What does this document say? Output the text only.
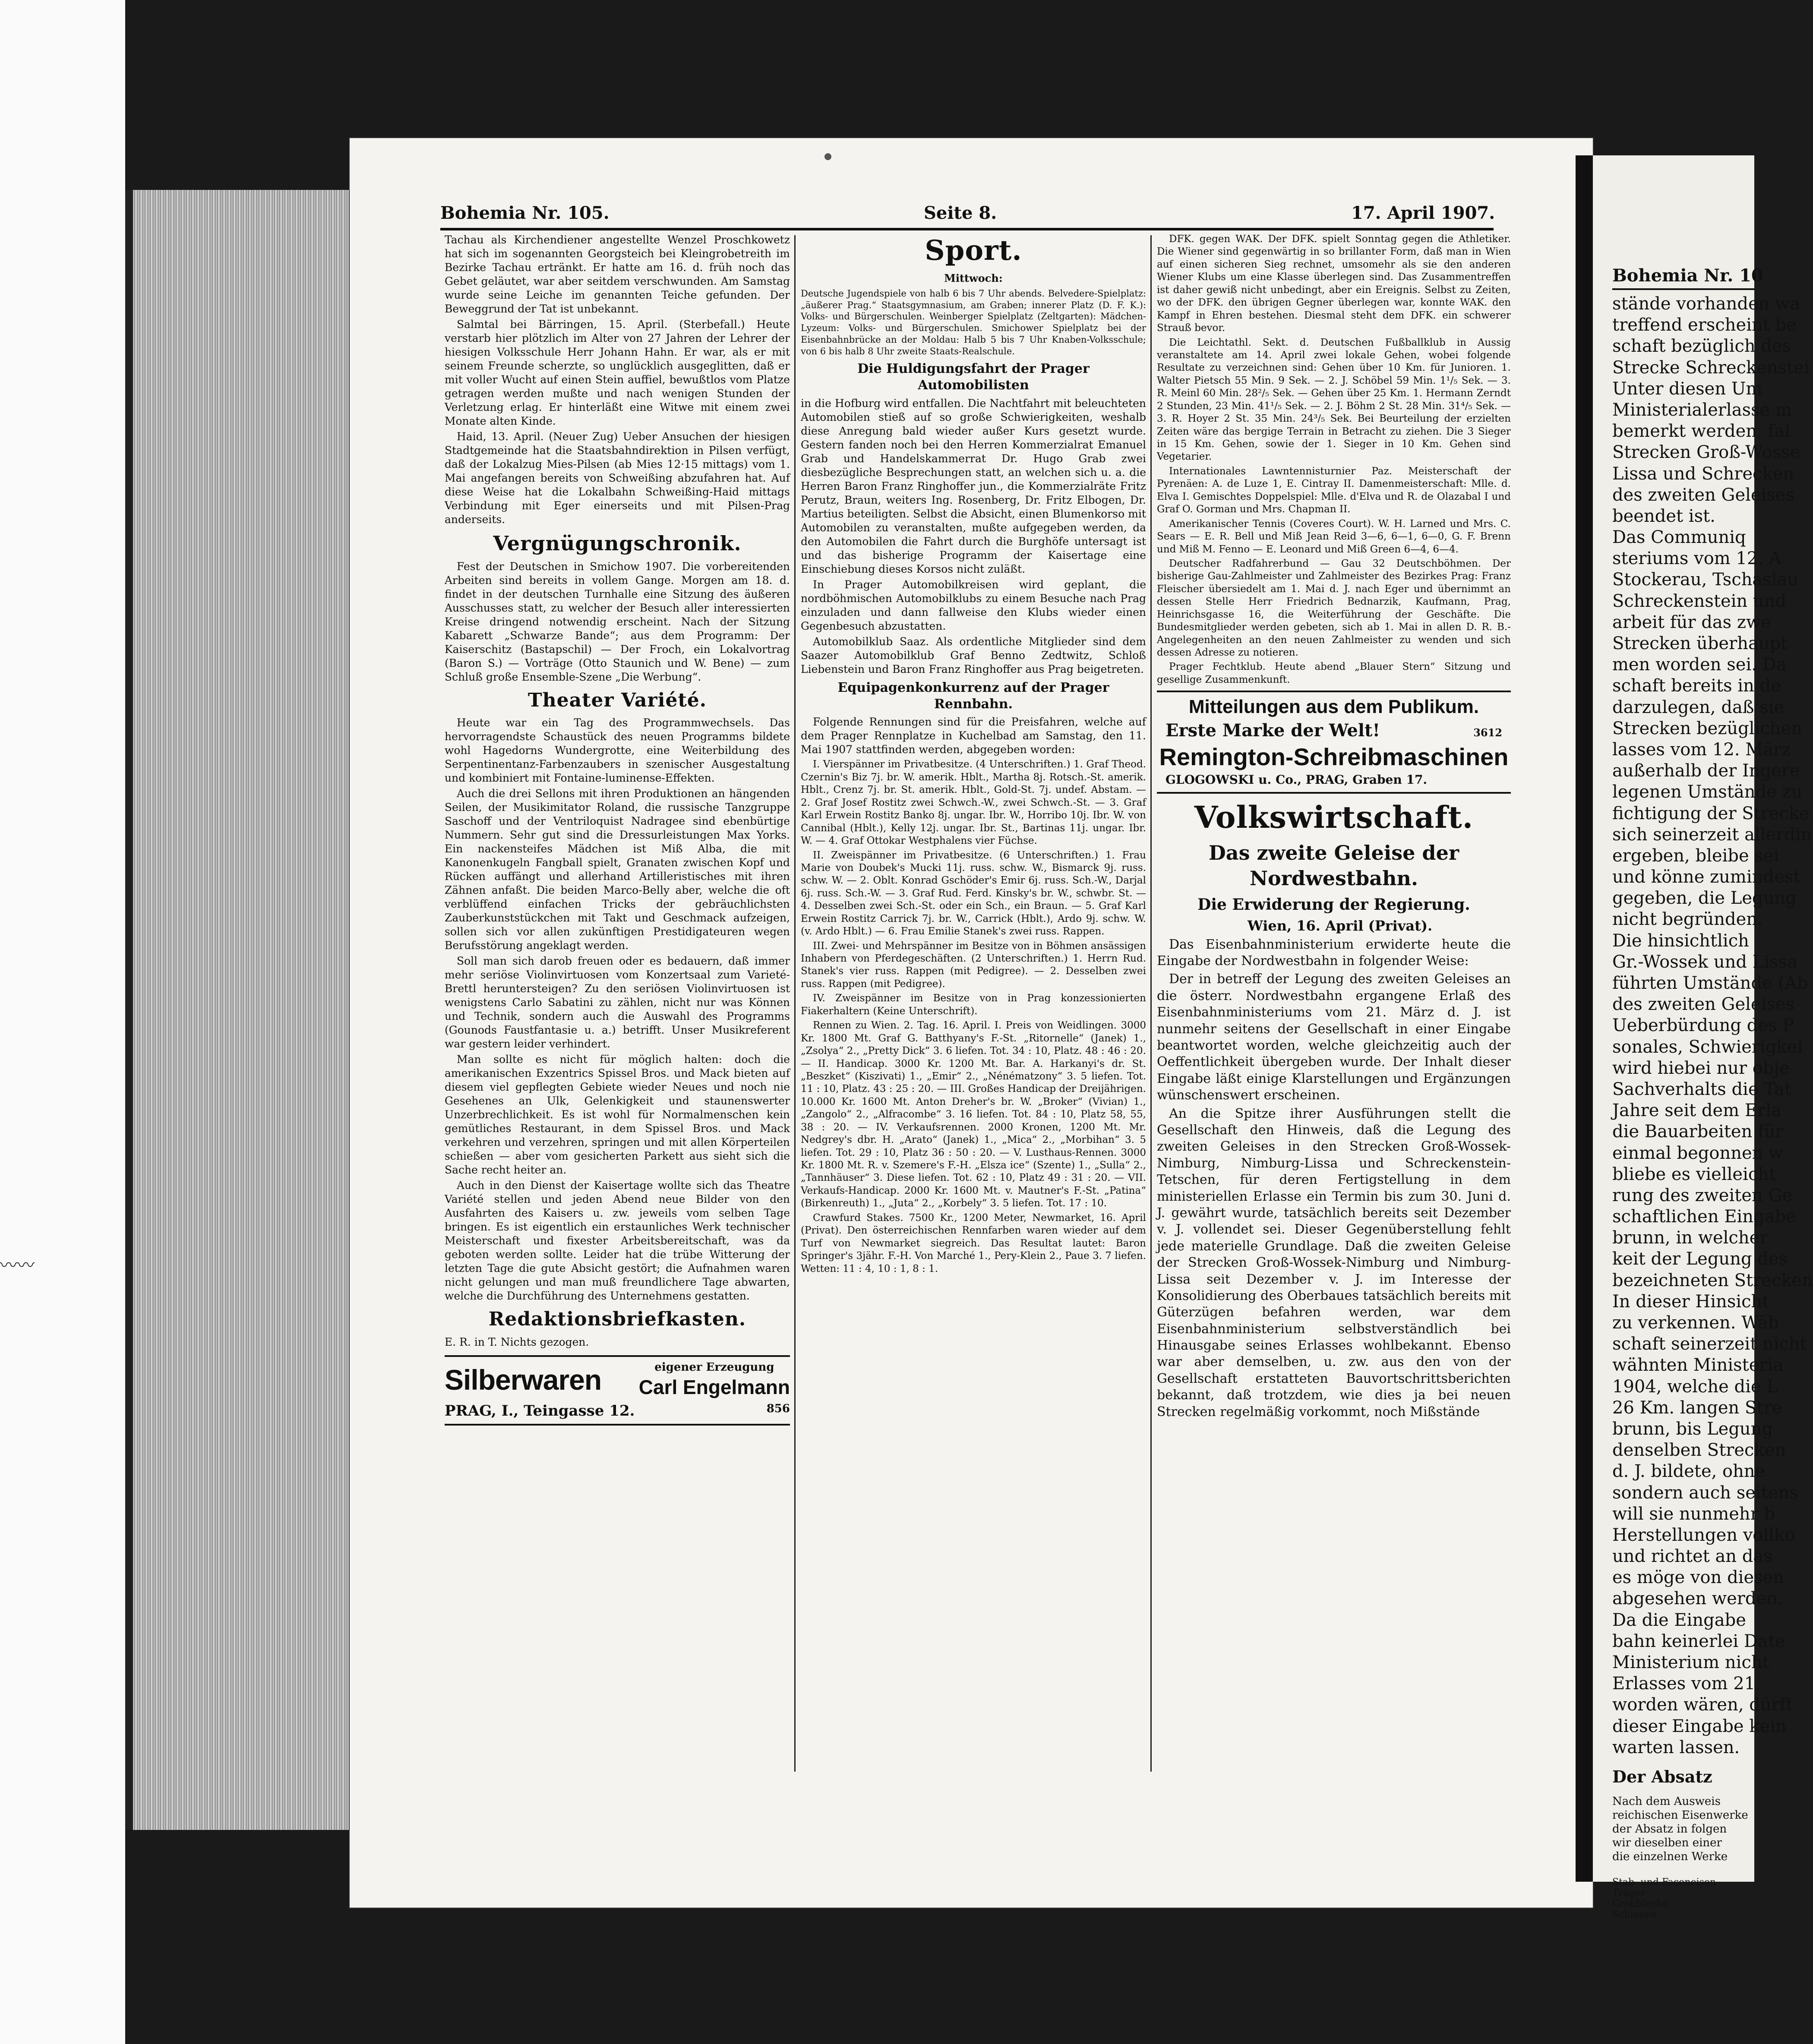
〰〰
Bohemia Nr. 105.	Seite 8.	17. April 1907.

Tachau als Kirchendiener angestellte Wenzel Proschkowetz hat sich im sogenannten Georgsteich bei Kleingrobetreith im Bezirke Tachau ertränkt. Er hatte am 16. d. früh noch das Gebet geläutet, war aber seitdem verschwunden. Am Samstag wurde seine Leiche im genannten Teiche gefunden. Der Beweggrund der Tat ist unbekannt.

Salmtal bei Bärringen, 15. April. (Sterbefall.) Heute verstarb hier plötzlich im Alter von 27 Jahren der Lehrer der hiesigen Volksschule Herr Johann Hahn. Er war, als er mit seinem Freunde scherzte, so unglücklich ausgeglitten, daß er mit voller Wucht auf einen Stein auffiel, bewußtlos vom Platze getragen werden mußte und nach wenigen Stunden der Verletzung erlag. Er hinterläßt eine Witwe mit einem zwei Monate alten Kinde.

Haid, 13. April. (Neuer Zug) Ueber Ansuchen der hiesigen Stadtgemeinde hat die Staatsbahndirektion in Pilsen verfügt, daß der Lokalzug Mies-Pilsen (ab Mies 12·15 mittags) vom 1. Mai angefangen bereits von Schweißing abzufahren hat. Auf diese Weise hat die Lokalbahn Schweißing-Haid mittags Verbindung mit Eger einerseits und mit Pilsen-Prag anderseits.

Vergnügungschronik.

Fest der Deutschen in Smichow 1907. Die vorbereitenden Arbeiten sind bereits in vollem Gange. Morgen am 18. d. findet in der deutschen Turnhalle eine Sitzung des äußeren Ausschusses statt, zu welcher der Besuch aller interessierten Kreise dringend notwendig erscheint. Nach der Sitzung Kabarett „Schwarze Bande“; aus dem Programm: Der Kaiserschitz (Bastapschil) — Der Froch, ein Lokalvortrag (Baron S.) — Vorträge (Otto Staunich und W. Bene) — zum Schluß große Ensemble-Szene „Die Werbung“.

Theater Variété.

Heute war ein Tag des Programmwechsels. Das hervorragendste Schaustück des neuen Programms bildete wohl Hagedorns Wundergrotte, eine Weiterbildung des Serpentinentanz-Farbenzaubers in szenischer Ausgestaltung und kombiniert mit Fontaine-luminense-Effekten.

Auch die drei Sellons mit ihren Produktionen an hängenden Seilen, der Musikimitator Roland, die russische Tanzgruppe Saschoff und der Ventriloquist Nadragee sind ebenbürtige Nummern. Sehr gut sind die Dressurleistungen Max Yorks. Ein nackensteifes Mädchen ist Miß Alba, die mit Kanonenkugeln Fangball spielt, Granaten zwischen Kopf und Rücken auffängt und allerhand Artilleristisches mit ihren Zähnen anfaßt. Die beiden Marco-Belly aber, welche die oft verblüffend einfachen Tricks der gebräuchlichsten Zauberkunststückchen mit Takt und Geschmack aufzeigen, sollen sich vor allen zukünftigen Prestidigateuren wegen Berufsstörung angeklagt werden.

Soll man sich darob freuen oder es bedauern, daß immer mehr seriöse Violinvirtuosen vom Konzertsaal zum Varieté-Brettl heruntersteigen? Zu den seriösen Violinvirtuosen ist wenigstens Carlo Sabatini zu zählen, nicht nur was Können und Technik, sondern auch die Auswahl des Programms (Gounods Faustfantasie u. a.) betrifft. Unser Musikreferent war gestern leider verhindert.

Man sollte es nicht für möglich halten: doch die amerikanischen Exzentrics Spissel Bros. und Mack bieten auf diesem viel gepflegten Gebiete wieder Neues und noch nie Gesehenes an Ulk, Gelenkigkeit und staunenswerter Unzerbrechlichkeit. Es ist wohl für Normalmenschen kein gemütliches Restaurant, in dem Spissel Bros. und Mack verkehren und verzehren, springen und mit allen Körperteilen schießen — aber vom gesicherten Parkett aus sieht sich die Sache recht heiter an.

Auch in den Dienst der Kaisertage wollte sich das Theatre Variété stellen und jeden Abend neue Bilder von den Ausfahrten des Kaisers u. zw. jeweils vom selben Tage bringen. Es ist eigentlich ein erstaunliches Werk technischer Meisterschaft und fixester Arbeitsbereitschaft, was da geboten werden sollte. Leider hat die trübe Witterung der letzten Tage die gute Absicht gestört; die Aufnahmen waren nicht gelungen und man muß freundlichere Tage abwarten, welche die Durchführung des Unternehmens gestatten.

Redaktionsbriefkasten.

E. R. in T. Nichts gezogen.

Silberwaren	eigener Erzeugung
Carl Engelmann
PRAG, I., Teingasse 12.	856
Sport.
Mittwoch:

Deutsche Jugendspiele von halb 6 bis 7 Uhr abends. Belvedere-Spielplatz: „äußerer Prag.“ Staatsgymnasium, am Graben; innerer Platz (D. F. K.): Volks- und Bürgerschulen. Weinberger Spielplatz (Zeltgarten): Mädchen-Lyzeum: Volks- und Bürgerschulen. Smichower Spielplatz bei der Eisenbahnbrücke an der Moldau: Halb 5 bis 7 Uhr Knaben-Volksschule; von 6 bis halb 8 Uhr zweite Staats-Realschule.

Die Huldigungsfahrt der Prager Automobilisten

in die Hofburg wird entfallen. Die Nachtfahrt mit beleuchteten Automobilen stieß auf so große Schwierigkeiten, weshalb diese Anregung bald wieder außer Kurs gesetzt wurde. Gestern fanden noch bei den Herren Kommerzialrat Emanuel Grab und Handelskammerrat Dr. Hugo Grab zwei diesbezügliche Besprechungen statt, an welchen sich u. a. die Herren Baron Franz Ringhoffer jun., die Kommerzialräte Fritz Perutz, Braun, weiters Ing. Rosenberg, Dr. Fritz Elbogen, Dr. Martius beteiligten. Selbst die Absicht, einen Blumenkorso mit Automobilen zu veranstalten, mußte aufgegeben werden, da den Automobilen die Fahrt durch die Burghöfe untersagt ist und das bisherige Programm der Kaisertage eine Einschiebung dieses Korsos nicht zuläßt.

In Prager Automobilkreisen wird geplant, die nordböhmischen Automobilklubs zu einem Besuche nach Prag einzuladen und dann fallweise den Klubs wieder einen Gegenbesuch abzustatten.

Automobilklub Saaz. Als ordentliche Mitglieder sind dem Saazer Automobilklub Graf Benno Zedtwitz, Schloß Liebenstein und Baron Franz Ringhoffer aus Prag beigetreten.

Equipagenkonkurrenz auf der Prager Rennbahn.

Folgende Rennungen sind für die Preisfahren, welche auf dem Prager Rennplatze in Kuchelbad am Samstag, den 11. Mai 1907 stattfinden werden, abgegeben worden:

I. Vierspänner im Privatbesitze. (4 Unterschriften.) 1. Graf Theod. Czernin's Biz 7j. br. W. amerik. Hblt., Martha 8j. Rotsch.-St. amerik. Hblt., Crenz 7j. br. St. amerik. Hblt., Gold-St. 7j. undef. Abstam. — 2. Graf Josef Rostitz zwei Schwch.-W., zwei Schwch.-St. — 3. Graf Karl Erwein Rostitz Banko 8j. ungar. Ibr. W., Horribo 10j. Ibr. W. von Cannibal (Hblt.), Kelly 12j. ungar. Ibr. St., Bartinas 11j. ungar. Ibr. W. — 4. Graf Ottokar Westphalens vier Füchse.

II. Zweispänner im Privatbesitze. (6 Unterschriften.) 1. Frau Marie von Doubek's Mucki 11j. russ. schw. W., Bismarck 9j. russ. schw. W. — 2. Oblt. Konrad Gschöder's Emir 6j. russ. Sch.-W., Darjal 6j. russ. Sch.-W. — 3. Graf Rud. Ferd. Kinsky's br. W., schwbr. St. — 4. Desselben zwei Sch.-St. oder ein Sch., ein Braun. — 5. Graf Karl Erwein Rostitz Carrick 7j. br. W., Carrick (Hblt.), Ardo 9j. schw. W. (v. Ardo Hblt.) — 6. Frau Emilie Stanek's zwei russ. Rappen.

III. Zwei- und Mehrspänner im Besitze von in Böhmen ansässigen Inhabern von Pferdegeschäften. (2 Unterschriften.) 1. Herrn Rud. Stanek's vier russ. Rappen (mit Pedigree). — 2. Desselben zwei russ. Rappen (mit Pedigree).

IV. Zweispänner im Besitze von in Prag konzessionierten Fiakerhaltern (Keine Unterschrift).

Rennen zu Wien. 2. Tag. 16. April. I. Preis von Weidlingen. 3000 Kr. 1800 Mt. Graf G. Batthyany's F.-St. „Ritornelle“ (Janek) 1., „Zsolya“ 2., „Pretty Dick“ 3. 6 liefen. Tot. 34 : 10, Platz. 48 : 46 : 20. — II. Handicap. 3000 Kr. 1200 Mt. Bar. A. Harkanyi's dr. St. „Beszket“ (Kiszivati) 1., „Emir“ 2., „Nénématzony“ 3. 5 liefen. Tot. 11 : 10, Platz. 43 : 25 : 20. — III. Großes Handicap der Dreijährigen. 10.000 Kr. 1600 Mt. Anton Dreher's br. W. „Broker“ (Vivian) 1., „Zangolo“ 2., „Alfracombe“ 3. 16 liefen. Tot. 84 : 10, Platz 58, 55, 38 : 20. — IV. Verkaufsrennen. 2000 Kronen, 1200 Mt. Mr. Nedgrey's dbr. H. „Arato“ (Janek) 1., „Mica“ 2., „Morbihan“ 3. 5 liefen. Tot. 29 : 10, Platz 36 : 50 : 20. — V. Lusthaus-Rennen. 3000 Kr. 1800 Mt. R. v. Szemere's F.-H. „Elsza ice“ (Szente) 1., „Sulla“ 2., „Tannhäuser“ 3. Diese liefen. Tot. 62 : 10, Platz 49 : 31 : 20. — VII. Verkaufs-Handicap. 2000 Kr. 1600 Mt. v. Mautner's F.-St. „Patina“ (Birkenreuth) 1., „Juta“ 2., „Korbely“ 3. 5 liefen. Tot. 17 : 10.

Crawfurd Stakes. 7500 Kr., 1200 Meter, Newmarket, 16. April (Privat). Den österreichischen Rennfarben waren wieder auf dem Turf von Newmarket siegreich. Das Resultat lautet: Baron Springer's 3jähr. F.-H. Von Marché 1., Pery-Klein 2., Paue 3. 7 liefen. Wetten: 11 : 4, 10 : 1, 8 : 1.

DFK. gegen WAK. Der DFK. spielt Sonntag gegen die Athletiker. Die Wiener sind gegenwärtig in so brillanter Form, daß man in Wien auf einen sicheren Sieg rechnet, umsomehr als sie den anderen Wiener Klubs um eine Klasse überlegen sind. Das Zusammentreffen ist daher gewiß nicht unbedingt, aber ein Ereignis. Selbst zu Zeiten, wo der DFK. den übrigen Gegner überlegen war, konnte WAK. den Kampf in Ehren bestehen. Diesmal steht dem DFK. ein schwerer Strauß bevor.

Die Leichtathl. Sekt. d. Deutschen Fußballklub in Aussig veranstaltete am 14. April zwei lokale Gehen, wobei folgende Resultate zu verzeichnen sind: Gehen über 10 Km. für Junioren. 1. Walter Pietsch 55 Min. 9 Sek. — 2. J. Schöbel 59 Min. 1¹/₅ Sek. — 3. R. Meinl 60 Min. 28²/₅ Sek. — Gehen über 25 Km. 1. Hermann Zerndt 2 Stunden, 23 Min. 41¹/₅ Sek. — 2. J. Böhm 2 St. 28 Min. 31⁴/₅ Sek. — 3. R. Hoyer 2 St. 35 Min. 24³/₅ Sek. Bei Beurteilung der erzielten Zeiten wäre das bergige Terrain in Betracht zu ziehen. Die 3 Sieger in 15 Km. Gehen, sowie der 1. Sieger in 10 Km. Gehen sind Vegetarier.

Internationales Lawntennisturnier Paz. Meisterschaft der Pyrenäen: A. de Luze 1, E. Cintray II. Damenmeisterschaft: Mlle. d. Elva I. Gemischtes Doppelspiel: Mlle. d'Elva und R. de Olazabal I und Graf O. Gorman und Mrs. Chapman II.

Amerikanischer Tennis (Coveres Court). W. H. Larned und Mrs. C. Sears — E. R. Bell und Miß Jean Reid 3—6, 6—1, 6—0, G. F. Brenn und Miß M. Fenno — E. Leonard und Miß Green 6—4, 6—4.

Deutscher Radfahrerbund — Gau 32 Deutschböhmen. Der bisherige Gau-Zahlmeister und Zahlmeister des Bezirkes Prag: Franz Fleischer übersiedelt am 1. Mai d. J. nach Eger und übernimmt an dessen Stelle Herr Friedrich Bednarzik, Kaufmann, Prag, Heinrichsgasse 16, die Weiterführung der Geschäfte. Die Bundesmitglieder werden gebeten, sich ab 1. Mai in allen D. R. B.-Angelegenheiten an den neuen Zahlmeister zu wenden und sich dessen Adresse zu notieren.

Prager Fechtklub. Heute abend „Blauer Stern“ Sitzung und gesellige Zusammenkunft.

Mitteilungen aus dem Publikum.
Erste Marke der Welt!	3612
Remington-Schreibmaschinen
GLOGOWSKI u. Co., PRAG, Graben 17.
Volkswirtschaft.
Das zweite Geleise der Nordwestbahn.
Die Erwiderung der Regierung.

Wien, 16. April (Privat).

Das Eisenbahnministerium erwiderte heute die Eingabe der Nordwestbahn in folgender Weise:

Der in betreff der Legung des zweiten Geleises an die österr. Nordwestbahn ergangene Erlaß des Eisenbahnministeriums vom 21. März d. J. ist nunmehr seitens der Gesellschaft in einer Eingabe beantwortet worden, welche gleichzeitig auch der Oeffentlichkeit übergeben wurde. Der Inhalt dieser Eingabe läßt einige Klarstellungen und Ergänzungen wünschenswert erscheinen.

An die Spitze ihrer Ausführungen stellt die Gesellschaft den Hinweis, daß die Legung des zweiten Geleises in den Strecken Groß-Wossek-Nimburg, Nimburg-Lissa und Schreckenstein-Tetschen, für deren Fertigstellung in dem ministeriellen Erlasse ein Termin bis zum 30. Juni d. J. gewährt wurde, tatsächlich bereits seit Dezember v. J. vollendet sei. Dieser Gegenüberstellung fehlt jede materielle Grundlage. Daß die zweiten Geleise der Strecken Groß-Wossek-Nimburg und Nimburg-Lissa seit Dezember v. J. im Interesse der Konsolidierung des Oberbaues tatsächlich bereits mit Güterzügen befahren werden, war dem Eisenbahnministerium selbstverständlich bei Hinausgabe seines Erlasses wohlbekannt. Ebenso war aber demselben, u. zw. aus den von der Gesellschaft erstatteten Bauvortschrittsberichten bekannt, daß trotzdem, wie dies ja bei neuen Strecken regelmäßig vorkommt, noch Mißstände

Bohemia Nr. 10
stände vorhanden wa
treffend erscheint be
schaft bezüglich des
Strecke Schreckenstei
Unter diesen Um
Ministerialerlasse m
bemerkt werden, fal
Strecken Groß-Wosse
Lissa und Schrecken
des zweiten Geleises
beendet ist.
Das Communiq
steriums vom 12. A
Stockerau, Tschaslau
Schreckenstein und
arbeit für das zwe
Strecken überhaupt
men worden sei. Da
schaft bereits in de
darzulegen, daß sie
Strecken bezüglichen
lasses vom 12. März
außerhalb der Ingere
legenen Umstände zu
fichtigung der Strecke
sich seinerzeit allerdin
ergeben, bleibe sei
und könne zumindest
gegeben, die Legung
nicht begründen.
Die hinsichtlich
Gr.-Wossek und Lissa
führten Umstände (Ab
des zweiten Geleises
Ueberbürdung des P
sonales, Schwierigkei
wird hiebei nur obje
Sachverhalts die Tat
Jahre seit dem Erla
die Bauarbeiten für
einmal begonnen w
bliebe es vielleicht
rung des zweiten Ge
schaftlichen Eingabe
brunn, in welcher
keit der Legung des
bezeichneten Strecken
In dieser Hinsicht
zu verkennen. Wäh
schaft seinerzeit nicht
wähnten Ministeria
1904, welche die L
26 Km. langen Stre
brunn, bis Legung
denselben Strecken
d. J. bildete, ohne
sondern auch seitens
will sie nunmehr b
Herstellungen vollko
und richtet an das
es möge von diesen
abgesehen werden.
Da die Eingabe
bahn keinerlei Date
Ministerium nicht
Erlasses vom 21.
worden wären, dürft
dieser Eingabe kein
warten lassen.
Der Absatz
Nach dem Ausweis
reichischen Eisenwerke
der Absatz in folgen
wir dieselben einer
die einzelnen Werke
Stab- und Façoneisen
Träger
Grobbleche
Schienen
